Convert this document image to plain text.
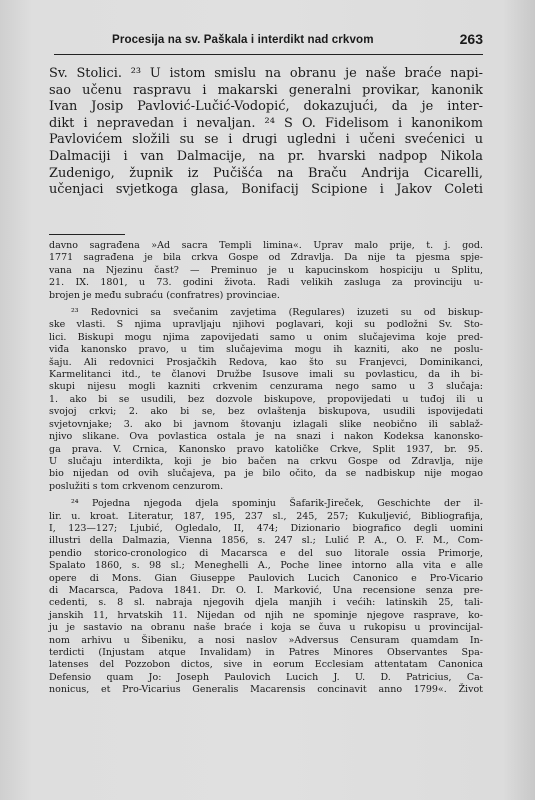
Procesija na sv. Paškala i interdikt nad crkvom	263
Sv. Stolici. ²³ U istom smislu na obranu je naše braće napi-
sao učenu raspravu i makarski generalni provikar, kanonik
Ivan Josip Pavlović-Lučić-Vodopić, dokazujući, da je inter-
dikt i nepravedan i nevaljan. ²⁴ S O. Fidelisom i kanonikom
Pavlovićem složili su se i drugi ugledni i učeni svećenici u
Dalmaciji i van Dalmacije, na pr. hvarski nadpop Nikola
Zudenigo, župnik iz Pučišća na Braču Andrija Cicarelli,
učenjaci svjetkoga glasa, Bonifacij Scipione i Jakov Coleti
davno sagrađena »Ad sacra Templi limina«. Uprav malo prije, t. j. god.
1771 sagrađena je bila crkva Gospe od Zdravlja. Da nije ta pjesma spje-
vana na Njezinu čast? — Preminuo je u kapucinskom hospiciju u Splitu,
21. IX. 1801, u 73. godini života. Radi velikih zasluga za provinciju u-
brojen je među subraću (confratres) provinciae.
²³ Redovnici sa svečanim zavjetima (Regulares) izuzeti su od biskup-
ske vlasti. S njima upravljaju njihovi poglavari, koji su podložni Sv. Sto-
lici. Biskupi mogu njima zapovijedati samo u onim slučajevima koje pred-
viđa kanonsko pravo, u tim slučajevima mogu ih kazniti, ako ne poslu-
šaju. Ali redovnici Prosjačkih Redova, kao što su Franjevci, Dominikanci,
Karmelitanci itd., te članovi Družbe Isusove imali su povlasticu, da ih bi-
skupi nijesu mogli kazniti crkvenim cenzurama nego samo u 3 slučaja:
1. ako bi se usudili, bez dozvole biskupove, propovijedati u tuđoj ili u
svojoj crkvi; 2. ako bi se, bez ovlaštenja biskupova, usudili ispovijedati
svjetovnjake; 3. ako bi javnom štovanju izlagali slike neobično ili sablaž-
njivo slikane. Ova povlastica ostala je na snazi i nakon Kodeksa kanonsko-
ga prava. V. Crnica, Kanonsko pravo katoličke Crkve, Split 1937, br. 95.
U slučaju interdikta, koji je bio bačen na crkvu Gospe od Zdravlja, nije
bio nijedan od ovih slučajeva, pa je bilo očito, da se nadbiskup nije mogao
poslužiti s tom crkvenom cenzurom.
²⁴ Pojedna njegoda djela spominju Šafarik-Jireček, Geschichte der il-
lir. u. kroat. Literatur, 187, 195, 237 sl., 245, 257; Kukuljević, Bibliografija,
I, 123—127; Ljubić, Ogledalo, II, 474; Dizionario biografico degli uomini
illustri della Dalmazia, Vienna 1856, s. 247 sl.; Lulić P. A., O. F. M., Com-
pendio storico-cronologico di Macarsca e del suo litorale ossia Primorje,
Spalato 1860, s. 98 sl.; Meneghelli A., Poche linee intorno alla vita e alle
opere di Mons. Gian Giuseppe Paulovich Lucich Canonico e Pro-Vicario
di Macarsca, Padova 1841. Dr. O. I. Marković, Una recensione senza pre-
cedenti, s. 8 sl. nabraja njegovih djela manjih i većih: latinskih 25, tali-
janskih 11, hrvatskih 11. Nijedan od njih ne spominje njegove rasprave, ko-
ju je sastavio na obranu naše braće i koja se čuva u rukopisu u provincijal-
nom arhivu u Šibeniku, a nosi naslov »Adversus Censuram quamdam In-
terdicti (Injustam atque Invalidam) in Patres Minores Observantes Spa-
latenses del Pozzobon dictos, sive in eorum Ecclesiam attentatam Canonica
Defensio quam Jo: Joseph Paulovich Lucich J. U. D. Patricius, Ca-
nonicus, et Pro-Vicarius Generalis Macarensis concinavit anno 1799«. Život
